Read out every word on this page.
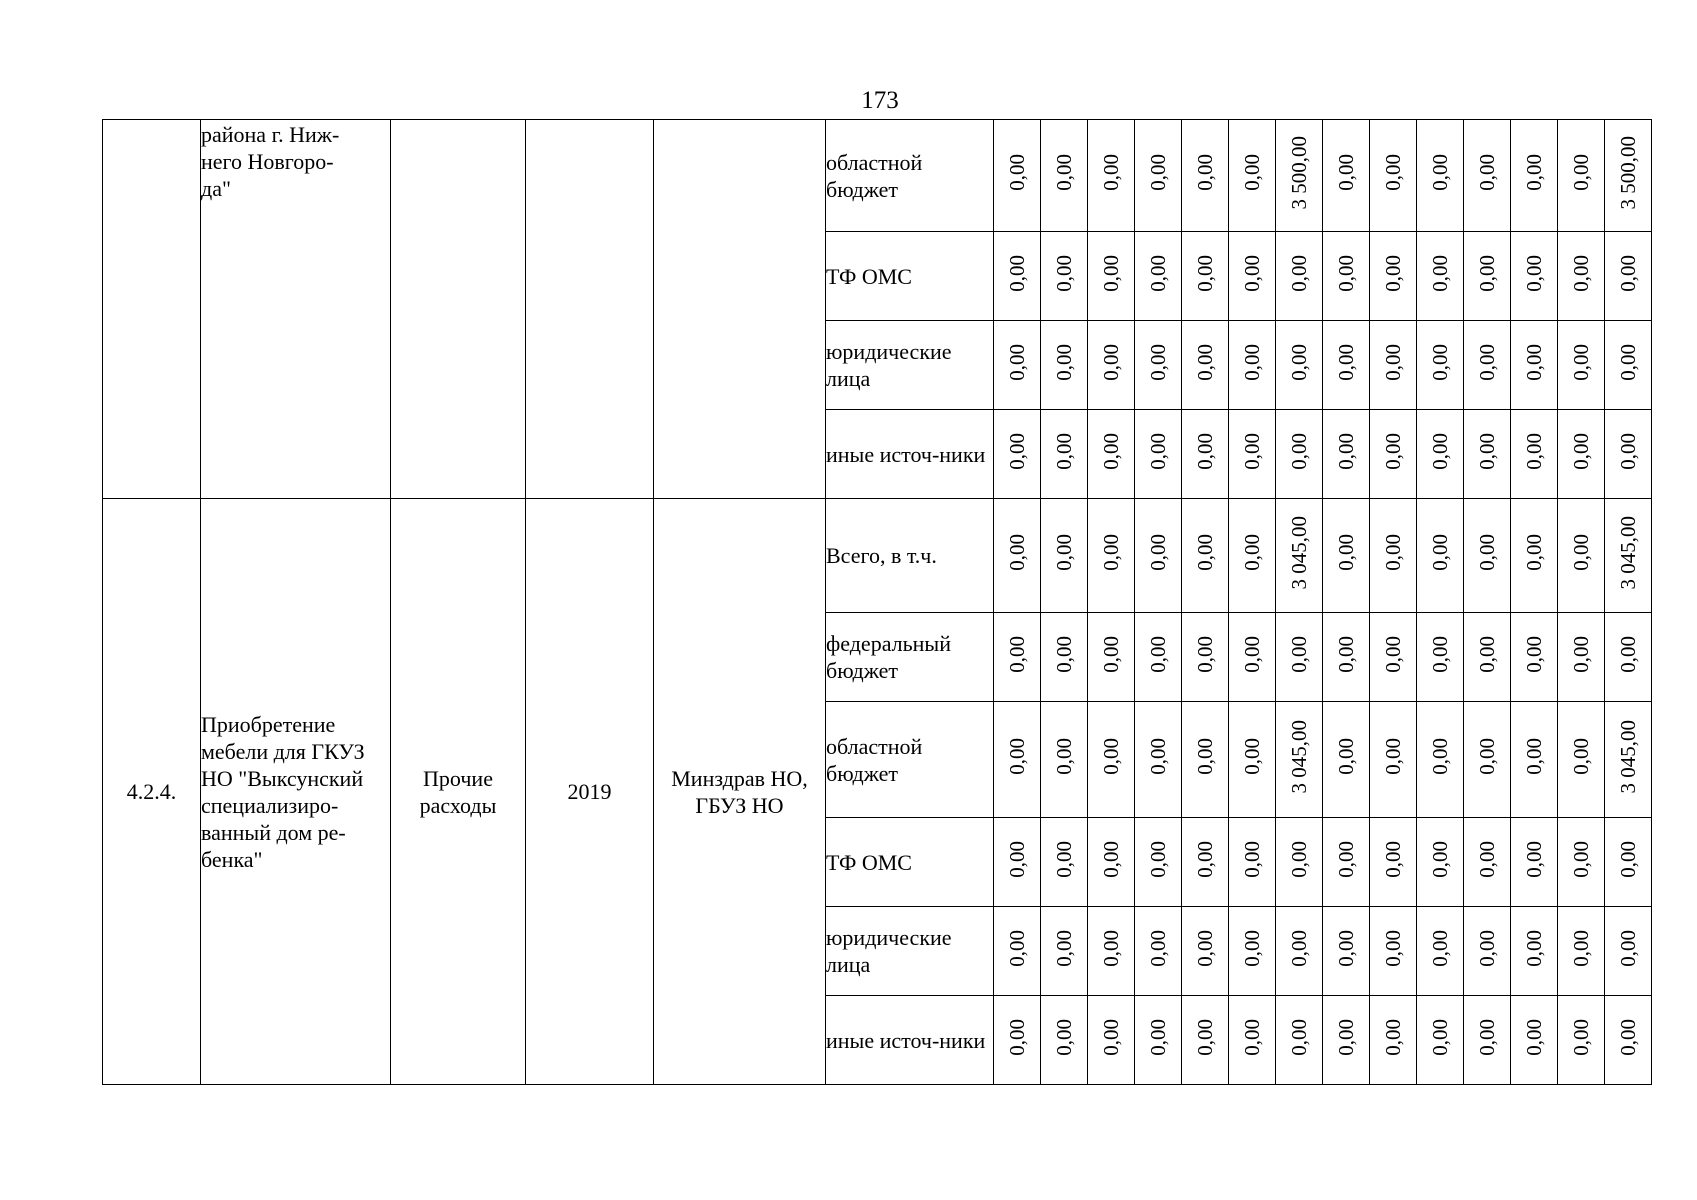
173

	района г. Ниж-
него Новгоро-
да"				областной бюджет	0,00	0,00	0,00	0,00	0,00	0,00	3 500,00	0,00	0,00	0,00	0,00	0,00	0,00	3 500,00
					ТФ ОМС	0,00	0,00	0,00	0,00	0,00	0,00	0,00	0,00	0,00	0,00	0,00	0,00	0,00	0,00
					юридические лица	0,00	0,00	0,00	0,00	0,00	0,00	0,00	0,00	0,00	0,00	0,00	0,00	0,00	0,00
					иные источ-ники	0,00	0,00	0,00	0,00	0,00	0,00	0,00	0,00	0,00	0,00	0,00	0,00	0,00	0,00
4.2.4.	Приобретение мебели для ГКУЗ НО "Выксунский специализиро-ванный дом ре-бенка"	Прочие расходы	2019	Минздрав НО, ГБУЗ НО	Всего, в т.ч.	0,00	0,00	0,00	0,00	0,00	0,00	3 045,00	0,00	0,00	0,00	0,00	0,00	0,00	3 045,00
					федеральный бюджет	0,00	0,00	0,00	0,00	0,00	0,00	0,00	0,00	0,00	0,00	0,00	0,00	0,00	0,00
					областной бюджет	0,00	0,00	0,00	0,00	0,00	0,00	3 045,00	0,00	0,00	0,00	0,00	0,00	0,00	3 045,00
					ТФ ОМС	0,00	0,00	0,00	0,00	0,00	0,00	0,00	0,00	0,00	0,00	0,00	0,00	0,00	0,00
					юридические лица	0,00	0,00	0,00	0,00	0,00	0,00	0,00	0,00	0,00	0,00	0,00	0,00	0,00	0,00
					иные источ-ники	0,00	0,00	0,00	0,00	0,00	0,00	0,00	0,00	0,00	0,00	0,00	0,00	0,00	0,00
